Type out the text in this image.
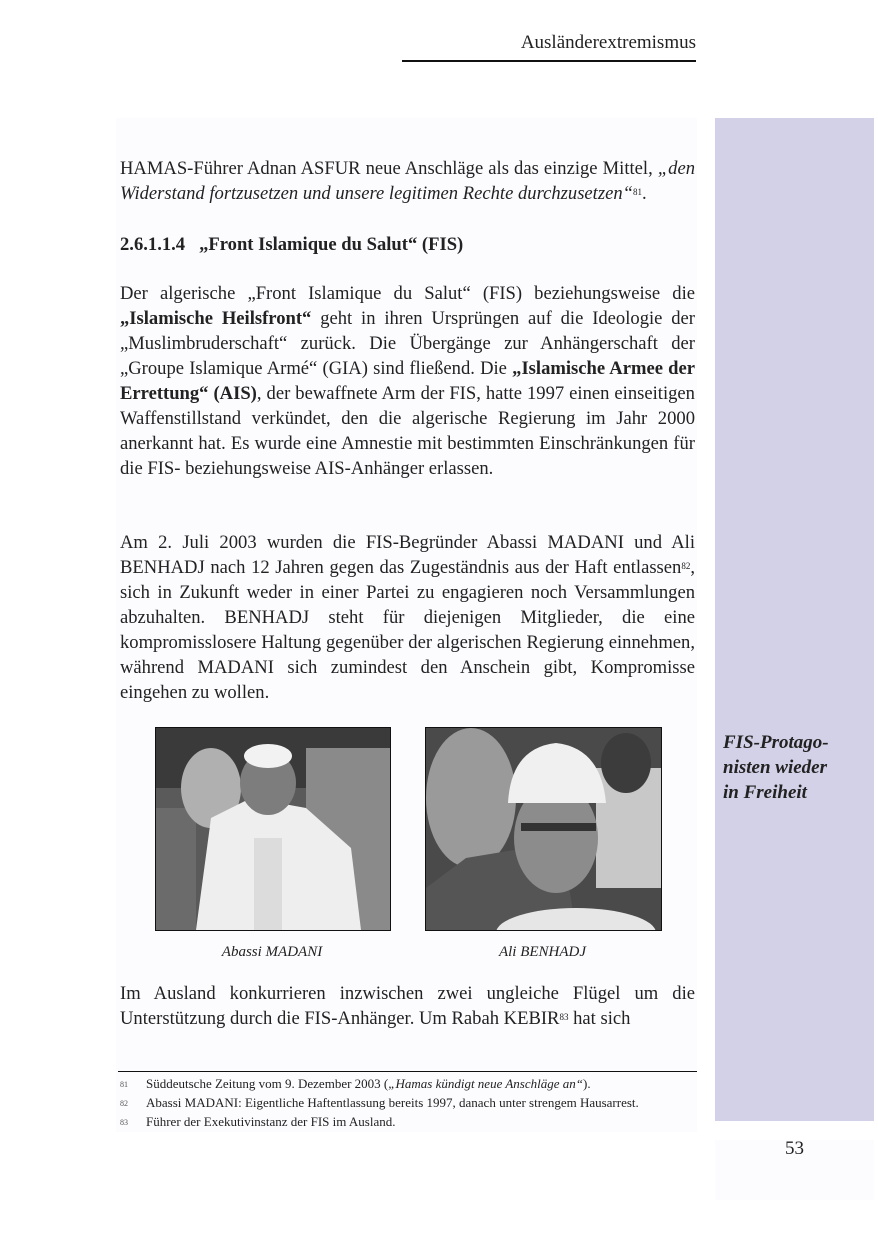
Ausländerextremismus
53
FIS-Protago-
nisten wieder
in Freiheit

HAMAS-Führer Adnan ASFUR neue Anschläge als das einzige Mittel, „den Widerstand fortzusetzen und unsere legitimen Rechte durchzusetzen“$^{81}$.

2.6.1.1.4 „Front Islamique du Salut“ (FIS)

Der algerische „Front Islamique du Salut“ (FIS) beziehungsweise die „Islamische Heilsfront“ geht in ihren Ursprüngen auf die Ideologie der „Muslimbruderschaft“ zurück. Die Übergänge zur Anhängerschaft der „Groupe Islamique Armé“ (GIA) sind fließend. Die „Islamische Armee der Errettung“ (AIS), der bewaffnete Arm der FIS, hatte 1997 einen einseitigen Waffenstillstand verkündet, den die algerische Regierung im Jahr 2000 anerkannt hat. Es wurde eine Amnestie mit bestimmten Einschränkungen für die FIS- beziehungsweise AIS-Anhänger erlassen.

Am 2. Juli 2003 wurden die FIS-Begründer Abassi MADANI und Ali BENHADJ nach 12 Jahren gegen das Zugeständnis aus der Haft entlassen$^{82}$, sich in Zukunft weder in einer Partei zu engagieren noch Versammlungen abzuhalten. BENHADJ steht für diejenigen Mitglieder, die eine kompromisslosere Haltung gegenüber der algerischen Regierung einnehmen, während MADANI sich zumindest den Anschein gibt, Kompromisse eingehen zu wollen.

Abassi MADANI	Ali BENHADJ

Im Ausland konkurrieren inzwischen zwei ungleiche Flügel um die Unterstützung durch die FIS-Anhänger. Um Rabah KEBIR$^{83}$ hat sich

81	Süddeutsche Zeitung vom 9. Dezember 2003 („Hamas kündigt neue Anschläge an“).
82	Abassi MADANI: Eigentliche Haftentlassung bereits 1997, danach unter strengem Hausarrest.
83	Führer der Exekutivinstanz der FIS im Ausland.
